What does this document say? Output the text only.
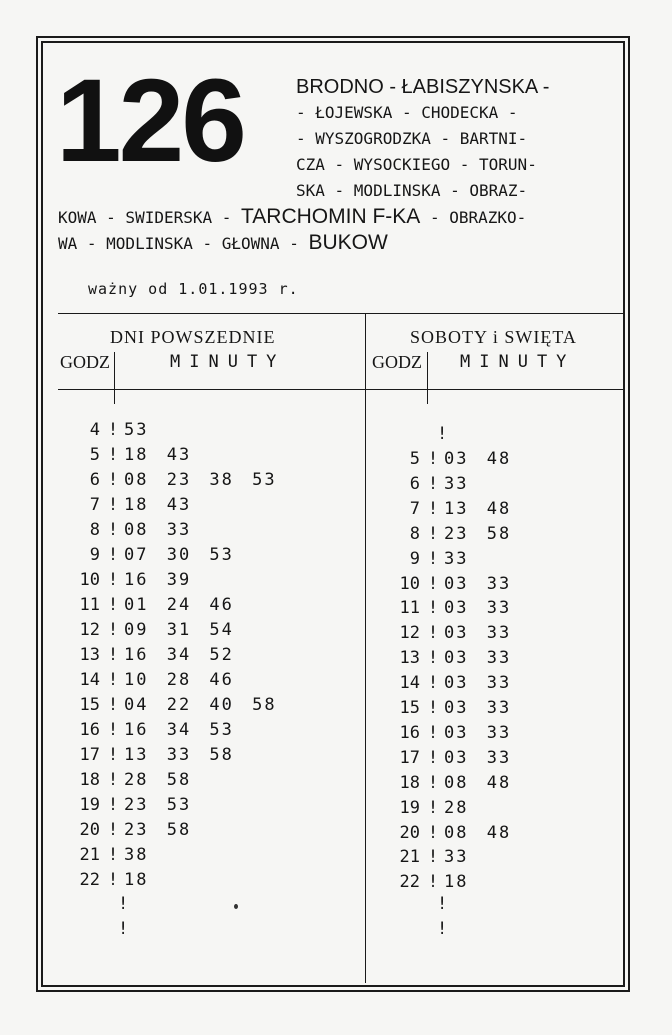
126	BRODNO - ŁABISZYNSKA -
- ŁOJEWSKA - CHODECKA -
- WYSZOGRODZKA - BARTNI-
CZA - WYSOCKIEGO - TORUN-
SKA - MODLINSKA - OBRAZ-
KOWA - SWIDERSKA - TARCHOMIN F-KA - OBRAZKO-
WA - MODLINSKA - GŁOWNA - BUKOW
ważny od 1.01.1993 r.
DNI POWSZEDNIE
GODZ	MINUTY
SOBOTY i SWIĘTA
GODZ MINUTY
4 ! 53
5 ! 18 43
6 ! 08 23 38 53
7 ! 18 43
8 ! 08 33
9 ! 07 30 53
10 ! 16 39
11 ! 01 24 46
12 ! 09 31 54
13 ! 16 34 52
14 ! 10 28 46
15 ! 04 22 40 58
16 ! 16 34 53
17 ! 13 33 58
18 ! 28 58
19 ! 23 53
20 ! 23 58
21 ! 38
22 ! 18
5 ! 03 48
6 ! 33
7 ! 13 48
8 ! 23 58
9 ! 33
10 ! 03 33
11 ! 03 33
12 ! 03 33
13 ! 03 33
14 ! 03 33
15 ! 03 33
16 ! 03 33
17 ! 03 33
18 ! 08 48
19 ! 28
20 ! 08 48
21 ! 33
22 ! 18
!
!
!
!
!
